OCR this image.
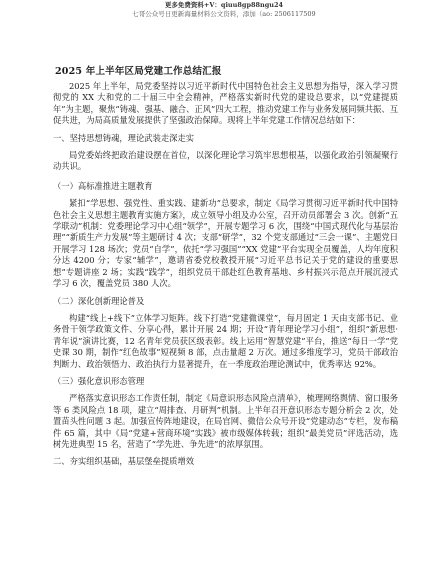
更多免费资料+V：qiuu8gp88ngu24
七哥公众号日更新海量材料公文资料，添加（ao: 2506117509
2025 年上半年区局党建工作总结汇报

2025 年上半年，局党委坚持以习近平新时代中国特色社会主义思想为指导，深入学习贯彻党的 XX 大和党的二十届三中全会精神，严格落实新时代党的建设总要求，以“党建提质年”为主题，聚焦“铸魂、强基、融合、正风”四大工程，推动党建工作与业务发展同频共振、互促共进，为局高质量发展提供了坚强政治保障。现将上半年党建工作情况总结如下：

一、坚持思想铸魂，理论武装走深走实

局党委始终把政治建设摆在首位，以深化理论学习筑牢思想根基，以强化政治引领凝聚行动共识。

（一）高标准推进主题教育

紧扣“学思想、强党性、重实践、建新功”总要求，制定《局学习贯彻习近平新时代中国特色社会主义思想主题教育实施方案》，成立领导小组及办公室，召开动员部署会 3 次。创新“五学联动”机制：党委理论学习中心组“领学”，开展专题学习 6 次，围绕“中国式现代化与基层治理”“新质生产力发展”等主题研讨 4 次；支部“研学”，32 个党支部通过“三会一课”、主题党日开展学习 128 场次；党员“自学”，依托“学习强国”“XX 党建”平台实现全员覆盖，人均年度积分达 4200 分；专家“辅学”，邀请省委党校教授开展“习近平总书记关于党的建设的重要思想”专题讲座 2 场；实践“践学”，组织党员干部赴红色教育基地、乡村振兴示范点开展沉浸式学习 6 次，覆盖党员 380 人次。

（二）深化创新理论普及

构建“线上+线下”立体学习矩阵。线下打造“党建微课堂”，每月固定 1 天由支部书记、业务骨干领学政策文件、分享心得，累计开展 24 期；开设“青年理论学习小组”，组织“新思想·青年说”演讲比赛，12 名青年党员获区级表彰。线上运用“智慧党建”平台，推送“每日一学”党史课 30 期，制作“红色故事”短视频 8 部，点击量超 2 万次。通过多维度学习，党员干部政治判断力、政治领悟力、政治执行力显著提升，在一季度政治理论测试中，优秀率达 92%。

（三）强化意识形态管理

严格落实意识形态工作责任制，制定《局意识形态风险点清单》，梳理网络舆情、窗口服务等 6 类风险点 18 项，建立“周排查、月研判”机制。上半年召开意识形态专题分析会 2 次，处置苗头性问题 3 起。加强宣传阵地建设，在局官网、微信公众号开设“党建动态”专栏，发布稿件 65 篇，其中《局“党建+营商环境”实践》被市级媒体转载；组织“最美党员”评选活动，选树先进典型 15 名，营造了“学先进、争先进”的浓厚氛围。

二、夯实组织基础，基层堡垒提质增效
